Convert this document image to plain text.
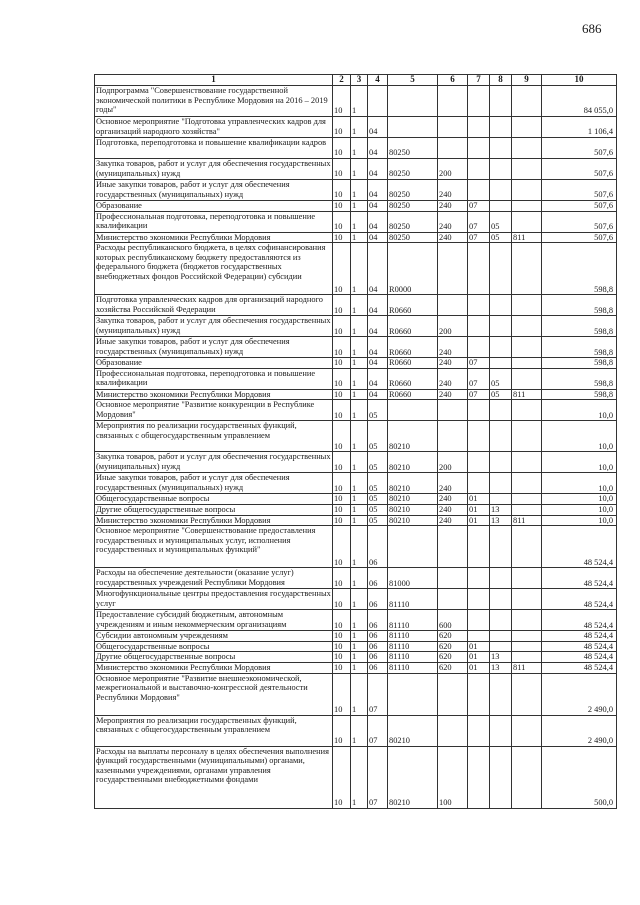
686
1	2	3	4	5	6	7	8	9	10
Подпрограмма "Совершенствование государственной экономической политики в Республике Мордовия на 2016 – 2019 годы"	10	1							84 055,0
Основное мероприятие "Подготовка управленческих кадров для организаций народного хозяйства"	10	1	04						1 106,4
Подготовка, переподготовка и повышение квалификации кадров	10	1	04	80250					507,6
Закупка товаров, работ и услуг для обеспечения государственных (муниципальных) нужд	10	1	04	80250	200				507,6
Иные закупки товаров, работ и услуг для обеспечения государственных (муниципальных) нужд	10	1	04	80250	240				507,6
Образование	10	1	04	80250	240	07			507,6
Профессиональная подготовка, переподготовка и повышение квалификации	10	1	04	80250	240	07	05		507,6
Министерство экономики Республики Мордовия	10	1	04	80250	240	07	05	811	507,6
Расходы республиканского бюджета, в целях софинансирования которых республиканскому бюджету предоставляются из федерального бюджета (бюджетов государственных внебюджетных фондов Российской Федерации) субсидии	10	1	04	R0000					598,8
Подготовка управленческих кадров для организаций народного хозяйства Российской Федерации	10	1	04	R0660					598,8
Закупка товаров, работ и услуг для обеспечения государственных (муниципальных) нужд	10	1	04	R0660	200				598,8
Иные закупки товаров, работ и услуг для обеспечения государственных (муниципальных) нужд	10	1	04	R0660	240				598,8
Образование	10	1	04	R0660	240	07			598,8
Профессиональная подготовка, переподготовка и повышение квалификации	10	1	04	R0660	240	07	05		598,8
Министерство экономики Республики Мордовия	10	1	04	R0660	240	07	05	811	598,8
Основное мероприятие "Развитие конкуренции в Республике Мордовия"	10	1	05						10,0
Мероприятия по реализации государственных функций, связанных с общегосударственным управлением	10	1	05	80210					10,0
Закупка товаров, работ и услуг для обеспечения государственных (муниципальных) нужд	10	1	05	80210	200				10,0
Иные закупки товаров, работ и услуг для обеспечения государственных (муниципальных) нужд	10	1	05	80210	240				10,0
Общегосударственные вопросы	10	1	05	80210	240	01			10,0
Другие общегосударственные вопросы	10	1	05	80210	240	01	13		10,0
Министерство экономики Республики Мордовия	10	1	05	80210	240	01	13	811	10,0
Основное мероприятие "Совершенствование предоставления государственных и муниципальных услуг, исполнения государственных и муниципальных функций"	10	1	06						48 524,4
Расходы на обеспечение деятельности (оказание услуг) государственных учреждений Республики Мордовия	10	1	06	81000					48 524,4
Многофункциональные центры предоставления государственных услуг	10	1	06	81110					48 524,4
Предоставление субсидий бюджетным, автономным учреждениям и иным некоммерческим организациям	10	1	06	81110	600				48 524,4
Субсидии автономным учреждениям	10	1	06	81110	620				48 524,4
Общегосударственные вопросы	10	1	06	81110	620	01			48 524,4
Другие общегосударственные вопросы	10	1	06	81110	620	01	13		48 524,4
Министерство экономики Республики Мордовия	10	1	06	81110	620	01	13	811	48 524,4
Основное мероприятие "Развитие внешнеэкономической, межрегиональной и выставочно-конгрессной деятельности Республики Мордовия"	10	1	07						2 490,0
Мероприятия по реализации государственных функций, связанных с общегосударственным управлением	10	1	07	80210					2 490,0
Расходы на выплаты персоналу в целях обеспечения выполнения функций государственными (муниципальными) органами, казенными учреждениями, органами управления государственными внебюджетными фондами	10	1	07	80210	100				500,0
